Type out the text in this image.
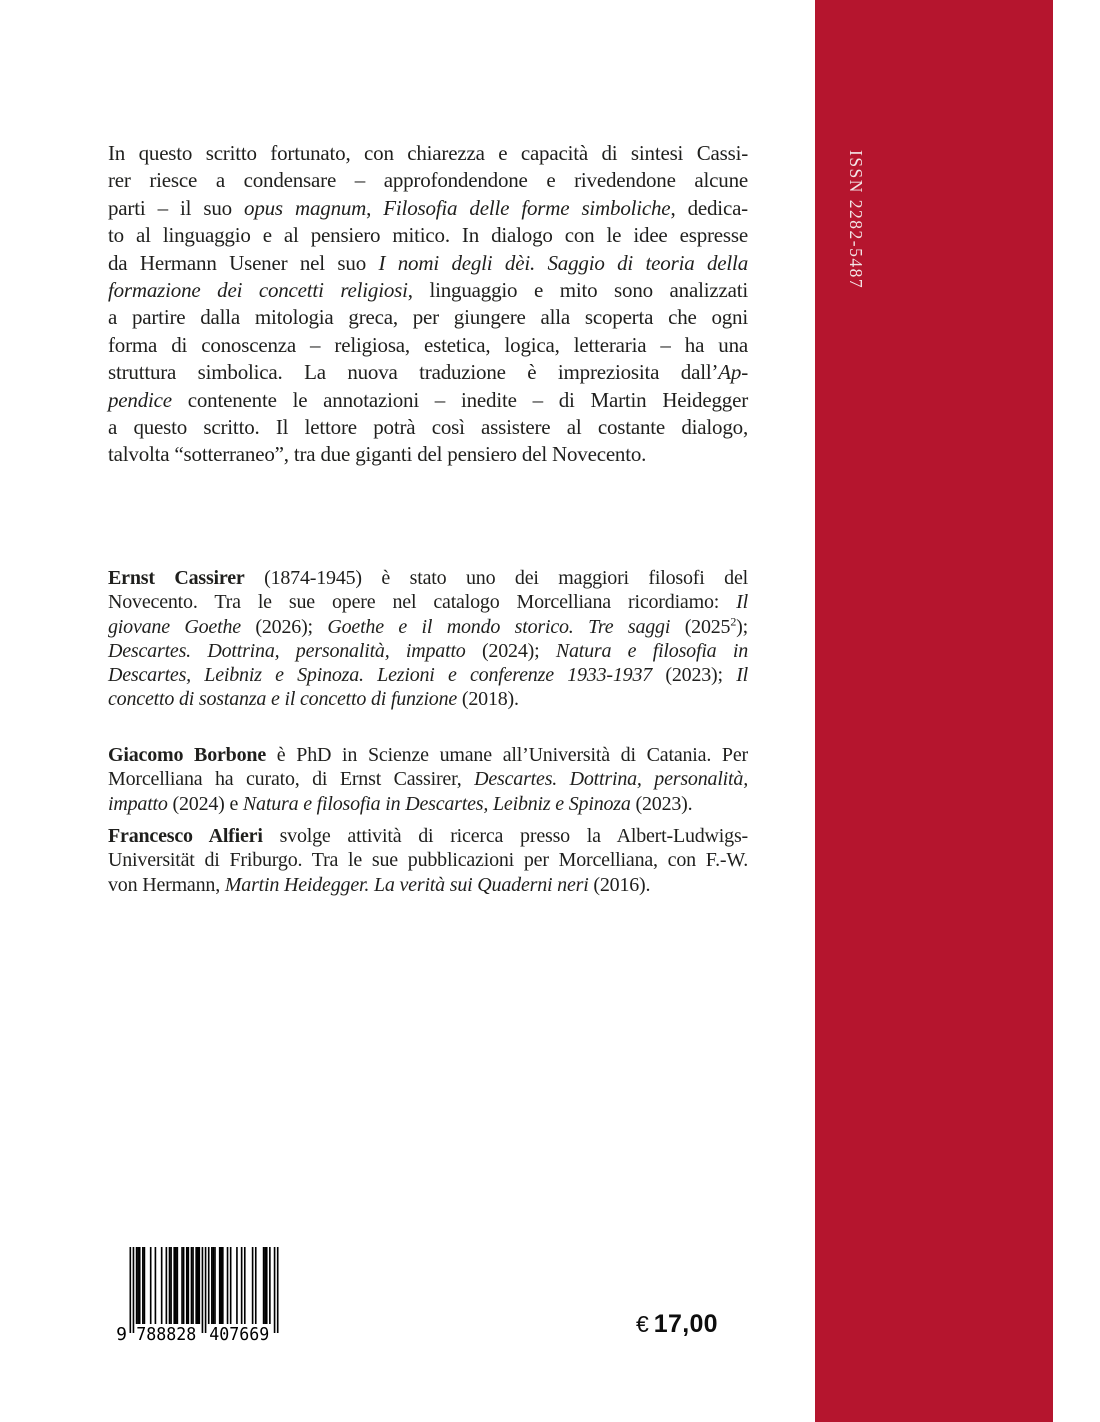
In questo scritto fortunato, con chiarezza e capacità di sintesi Cassi-
rer riesce a condensare – approfondendone e rivedendone alcune
parti – il suo opus magnum, Filosofia delle forme simboliche, dedica-
to al linguaggio e al pensiero mitico. In dialogo con le idee espresse
da Hermann Usener nel suo I nomi degli dèi. Saggio di teoria della
formazione dei concetti religiosi, linguaggio e mito sono analizzati
a partire dalla mitologia greca, per giungere alla scoperta che ogni
forma di conoscenza – religiosa, estetica, logica, letteraria – ha una
struttura simbolica. La nuova traduzione è impreziosita dall’Ap-
pendice contenente le annotazioni – inedite – di Martin Heidegger
a questo scritto. Il lettore potrà così assistere al costante dialogo,
talvolta “sotterraneo”, tra due giganti del pensiero del Novecento.
Ernst Cassirer (1874-1945) è stato uno dei maggiori filosofi del
Novecento. Tra le sue opere nel catalogo Morcelliana ricordiamo: Il
giovane Goethe (2026); Goethe e il mondo storico. Tre saggi (2025$^2$);
Descartes. Dottrina, personalità, impatto (2024); Natura e filosofia in
Descartes, Leibniz e Spinoza. Lezioni e conferenze 1933-1937 (2023); Il
concetto di sostanza e il concetto di funzione (2018).
Giacomo Borbone è PhD in Scienze umane all’Università di Catania. Per
Morcelliana ha curato, di Ernst Cassirer, Descartes. Dottrina, personalità,
impatto (2024) e Natura e filosofia in Descartes, Leibniz e Spinoza (2023).
Francesco Alfieri svolge attività di ricerca presso la Albert-Ludwigs-
Universität di Friburgo. Tra le sue pubblicazioni per Morcelliana, con F.-W.
von Hermann, Martin Heidegger. La verità sui Quaderni neri (2016).
ISSN 2282-5487
9 788828 407669	€ 17,00
